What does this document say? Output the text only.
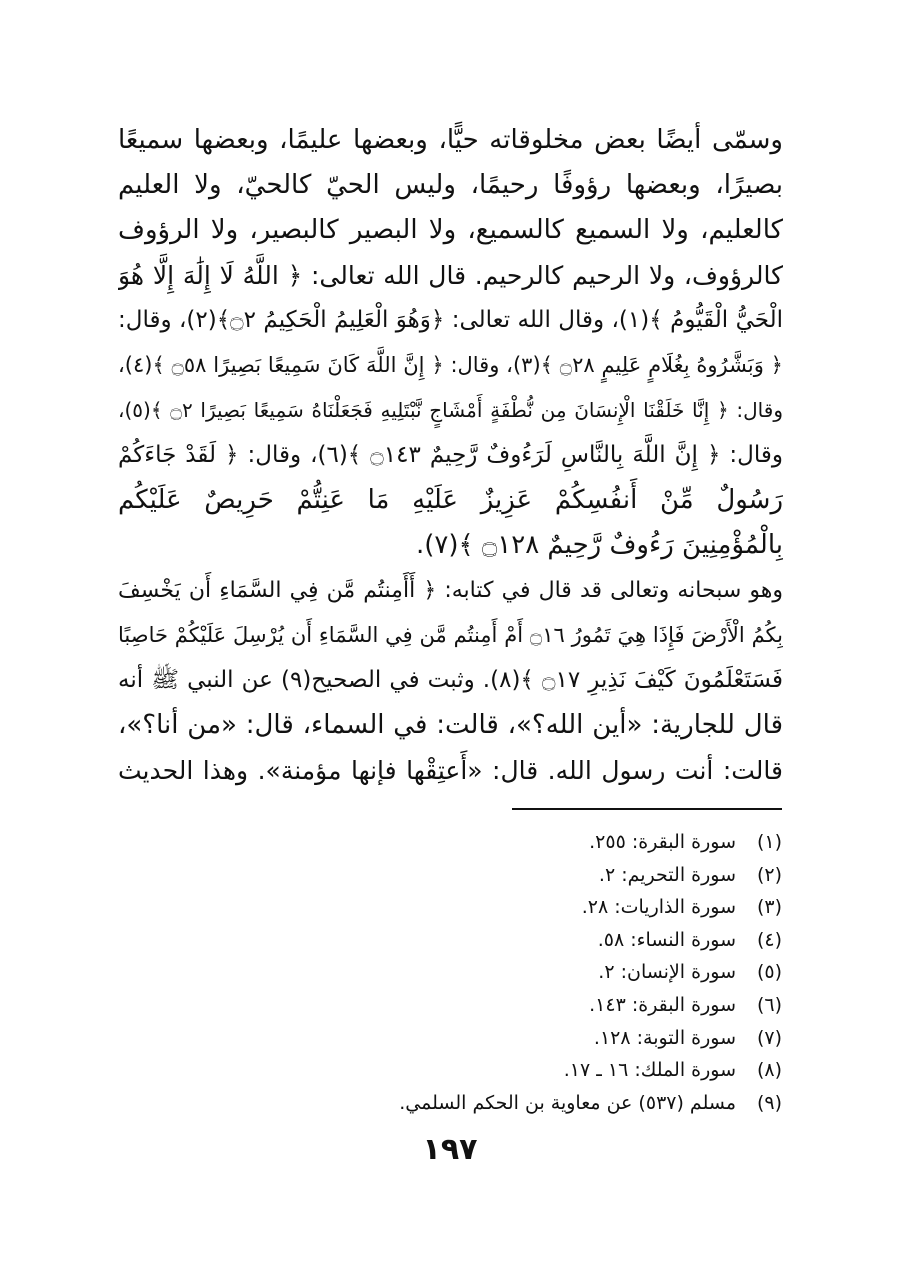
وسمّى أيضًا بعض مخلوقاته حيًّا، وبعضها عليمًا، وبعضها سميعًا
بصيرًا، وبعضها رؤوفًا رحيمًا، وليس الحيّ كالحيّ، ولا العليم
كالعليم، ولا السميع كالسميع، ولا البصير كالبصير، ولا الرؤوف
كالرؤوف، ولا الرحيم كالرحيم. قال الله تعالى: ﴿ اللَّهُ لَا إِلَٰهَ إِلَّا هُوَ
الْحَيُّ الْقَيُّومُ ﴾(١)، وقال الله تعالى: ﴿وَهُوَ الْعَلِيمُ الْحَكِيمُ ۝٢﴾(٢)، وقال:
﴿ وَبَشَّرُوهُ بِغُلَامٍ عَلِيمٍ ۝٢٨ ﴾(٣)، وقال: ﴿ إِنَّ اللَّهَ كَانَ سَمِيعًا بَصِيرًا ۝٥٨ ﴾(٤)،
وقال: ﴿ إِنَّا خَلَقْنَا الْإِنسَانَ مِن نُّطْفَةٍ أَمْشَاجٍ نَّبْتَلِيهِ فَجَعَلْنَاهُ سَمِيعًا بَصِيرًا ۝٢ ﴾(٥)،
وقال: ﴿ إِنَّ اللَّهَ بِالنَّاسِ لَرَءُوفٌ رَّحِيمٌ ۝١٤٣ ﴾(٦)، وقال: ﴿ لَقَدْ جَاءَكُمْ
رَسُولٌ مِّنْ أَنفُسِكُمْ عَزِيزٌ عَلَيْهِ مَا عَنِتُّمْ حَرِيصٌ عَلَيْكُم
بِالْمُؤْمِنِينَ رَءُوفٌ رَّحِيمٌ ۝١٢٨ ﴾(٧).
وهو سبحانه وتعالى قد قال في كتابه: ﴿ أَأَمِنتُم مَّن فِي السَّمَاءِ أَن يَخْسِفَ
بِكُمُ الْأَرْضَ فَإِذَا هِيَ تَمُورُ ۝١٦ أَمْ أَمِنتُم مَّن فِي السَّمَاءِ أَن يُرْسِلَ عَلَيْكُمْ حَاصِبًا
فَسَتَعْلَمُونَ كَيْفَ نَذِيرِ ۝١٧ ﴾(٨). وثبت في الصحيح(٩) عن النبي ﷺ أنه
قال للجارية: «أين الله؟»، قالت: في السماء، قال: «من أنا؟»،
قالت: أنت رسول الله. قال: «أَعتِقْها فإنها مؤمنة». وهذا الحديث
(١)سورة البقرة: ٢٥٥.
(٢)سورة التحريم: ٢.
(٣)سورة الذاريات: ٢٨.
(٤)سورة النساء: ٥٨.
(٥)سورة الإنسان: ٢.
(٦)سورة البقرة: ١٤٣.
(٧)سورة التوبة: ١٢٨.
(٨)سورة الملك: ١٦ ـ ١٧.
(٩)مسلم (٥٣٧) عن معاوية بن الحكم السلمي.
١٩٧
